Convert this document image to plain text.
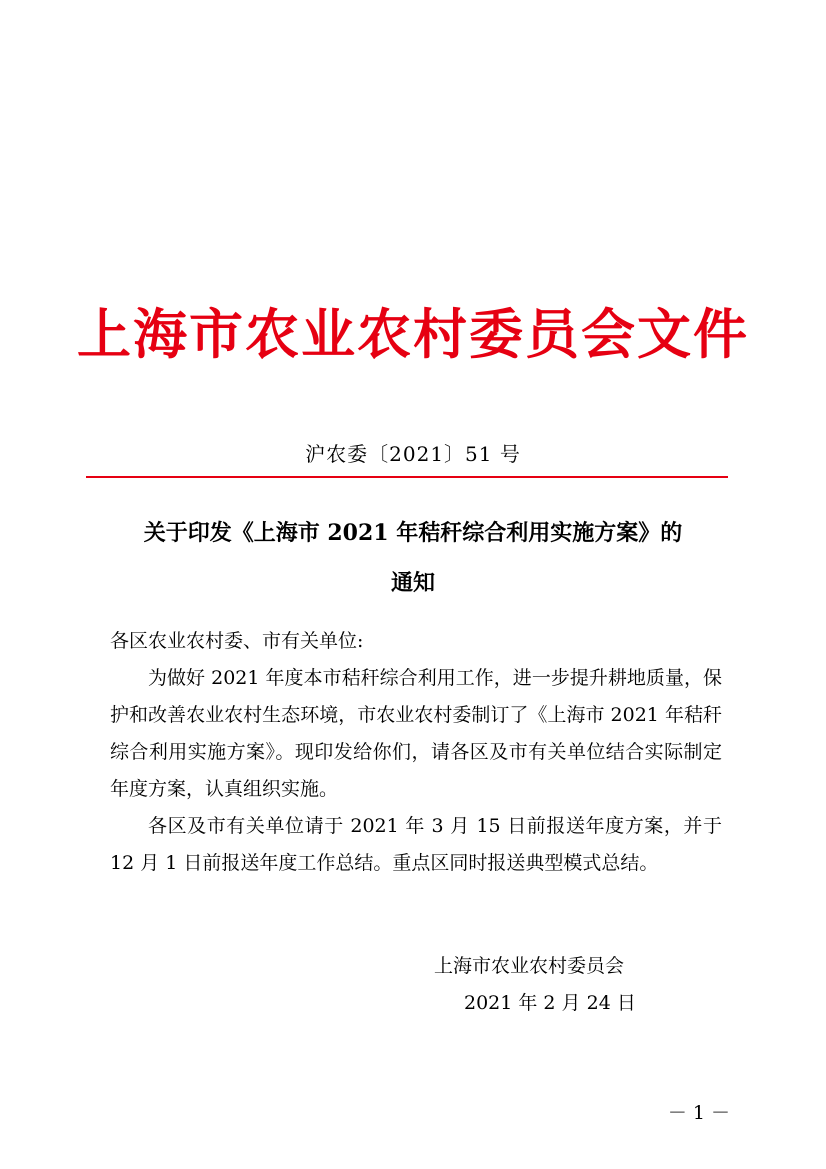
上海市农业农村委员会文件
沪农委〔2021〕51 号
关于印发《上海市 2021 年秸秆综合利用实施方案》的
通知

各区农业农村委、市有关单位:

为做好 2021 年度本市秸秆综合利用工作，进一步提升耕地质量，保护和改善农业农村生态环境，市农业农村委制订了《上海市 2021 年秸秆综合利用实施方案》。现印发给你们，请各区及市有关单位结合实际制定年度方案，认真组织实施。

各区及市有关单位请于 2021 年 3 月 15 日前报送年度方案，并于 12 月 1 日前报送年度工作总结。重点区同时报送典型模式总结。

上海市农业农村委员会
2021 年 2 月 24 日
－ 1 －
